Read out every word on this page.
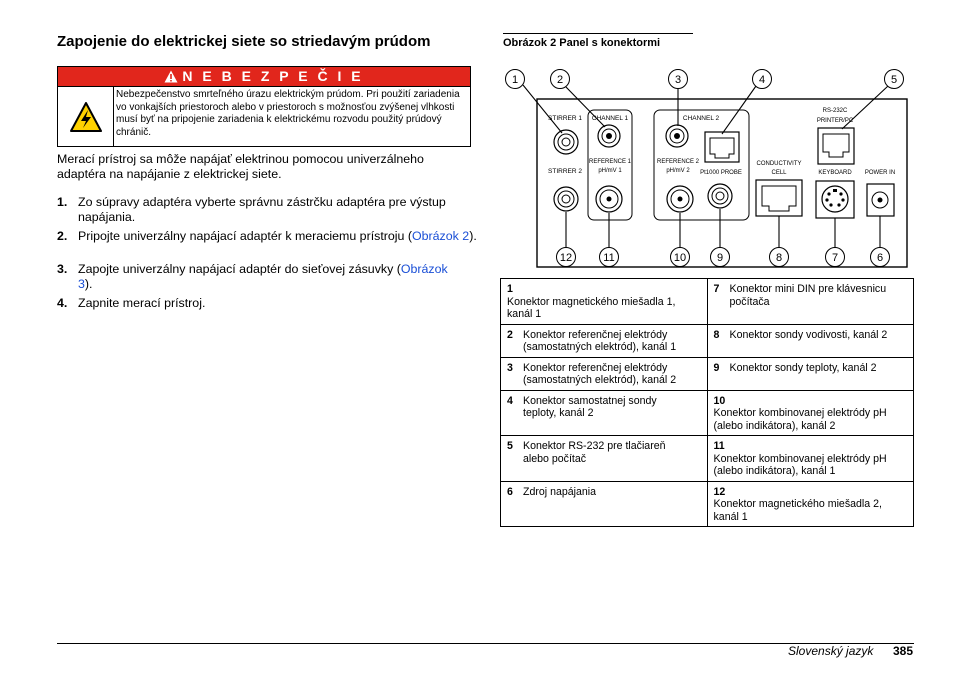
Zapojenie do elektrickej siete so striedavým prúdom
N E B E Z P E Č I E
Nebezpečenstvo smrteľného úrazu elektrickým prúdom. Pri použití zariadenia vo vonkajších priestoroch alebo v priestoroch s možnosťou zvýšenej vlhkosti musí byť na pripojenie zariadenia k elektrickému rozvodu použitý prúdový chránič.

Merací prístroj sa môže napájať elektrinou pomocou univerzálneho adaptéra na napájanie z elektrickej siete.

1. Zo súpravy adaptéra vyberte správnu zástrčku adaptéra pre výstup napájania.
2. Pripojte univerzálny napájací adaptér k meraciemu prístroju (Obrázok 2).
3. Zapojte univerzálny napájací adaptér do sieťovej zásuvky (Obrázok 3).
4. Zapnite merací prístroj.
Obrázok 2 Panel s konektormi
STIRRER 1
STIRRER 2
CHANNEL 1
REFERENCE 1
pH/mV 1
CHANNEL 2
REFERENCE 2
pH/mV 2 Pt1000 PROBE
CONDUCTIVITY
CELL
RS-232C
PRINTER/PC
KEYBOARD POWER IN
1	2	3	4	5
12	11	10	9	8	7	6
1Konektor magnetického miešadla 1, kanál 1	7 Konektor mini DIN pre klávesnicu počítača
2 Konektor referenčnej elektródy (samostatných elektród), kanál 1	8 Konektor sondy vodivosti, kanál 2
3 Konektor referenčnej elektródy (samostatných elektród), kanál 2	9 Konektor sondy teploty, kanál 2
4 Konektor samostatnej sondy teploty, kanál 2	10Konektor kombinovanej elektródy pH (alebo indikátora), kanál 2
5 Konektor RS-232 pre tlačiareň alebo počítač	11Konektor kombinovanej elektródy pH (alebo indikátora), kanál 1
6 Zdroj napájania	12Konektor magnetického miešadla 2, kanál 1
Slovenský jazyk 385
